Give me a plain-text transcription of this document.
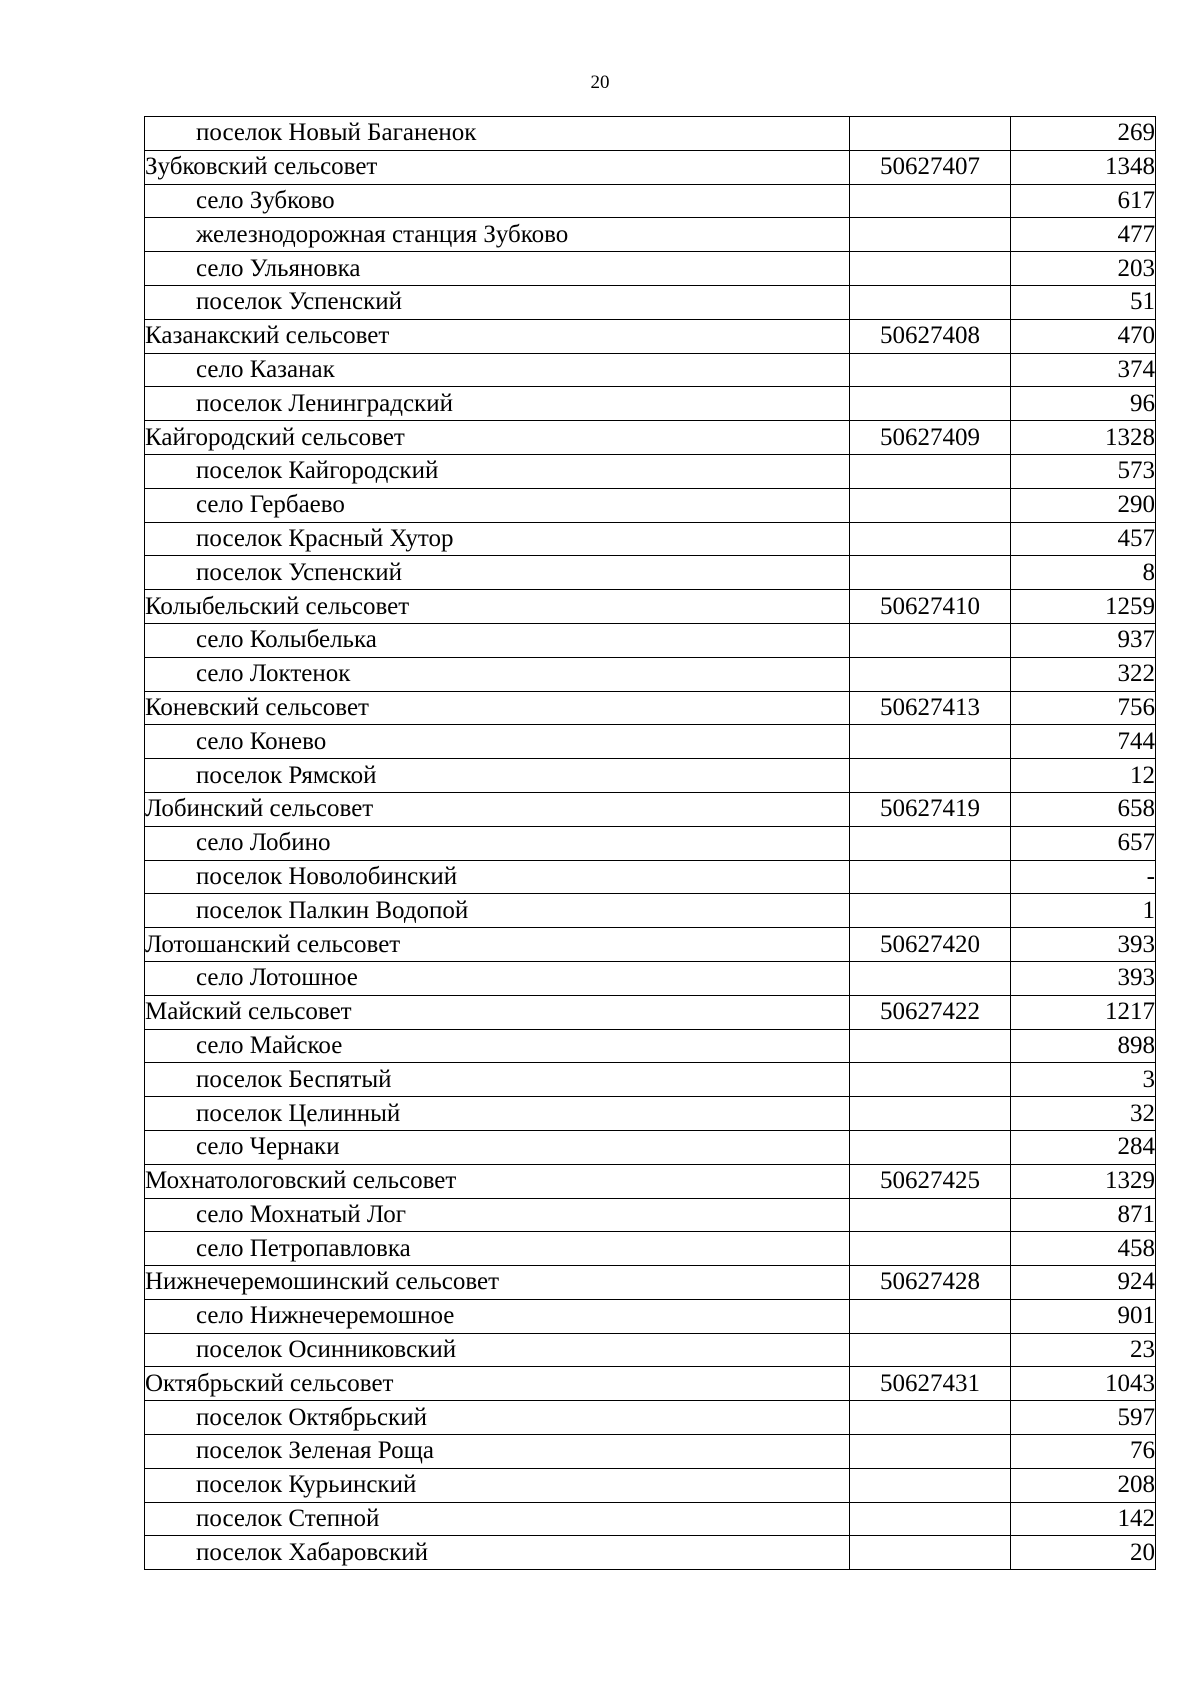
20
поселок Новый Баганенок		269
Зубковский сельсовет	50627407	1348
село Зубково		617
железнодорожная станция Зубково		477
село Ульяновка		203
поселок Успенский		51
Казанакский сельсовет	50627408	470
село Казанак		374
поселок Ленинградский		96
Кайгородский сельсовет	50627409	1328
поселок Кайгородский		573
село Гербаево		290
поселок Красный Хутор		457
поселок Успенский		8
Колыбельский сельсовет	50627410	1259
село Колыбелька		937
село Локтенок		322
Коневский сельсовет	50627413	756
село Конево		744
поселок Рямской		12
Лобинский сельсовет	50627419	658
село Лобино		657
поселок Новолобинский		-
поселок Палкин Водопой		1
Лотошанский сельсовет	50627420	393
село Лотошное		393
Майский сельсовет	50627422	1217
село Майское		898
поселок Беспятый		3
поселок Целинный		32
село Чернаки		284
Мохнатологовский сельсовет	50627425	1329
село Мохнатый Лог		871
село Петропавловка		458
Нижнечеремошинский сельсовет	50627428	924
село Нижнечеремошное		901
поселок Осинниковский		23
Октябрьский сельсовет	50627431	1043
поселок Октябрьский		597
поселок Зеленая Роща		76
поселок Курьинский		208
поселок Степной		142
поселок Хабаровский		20
